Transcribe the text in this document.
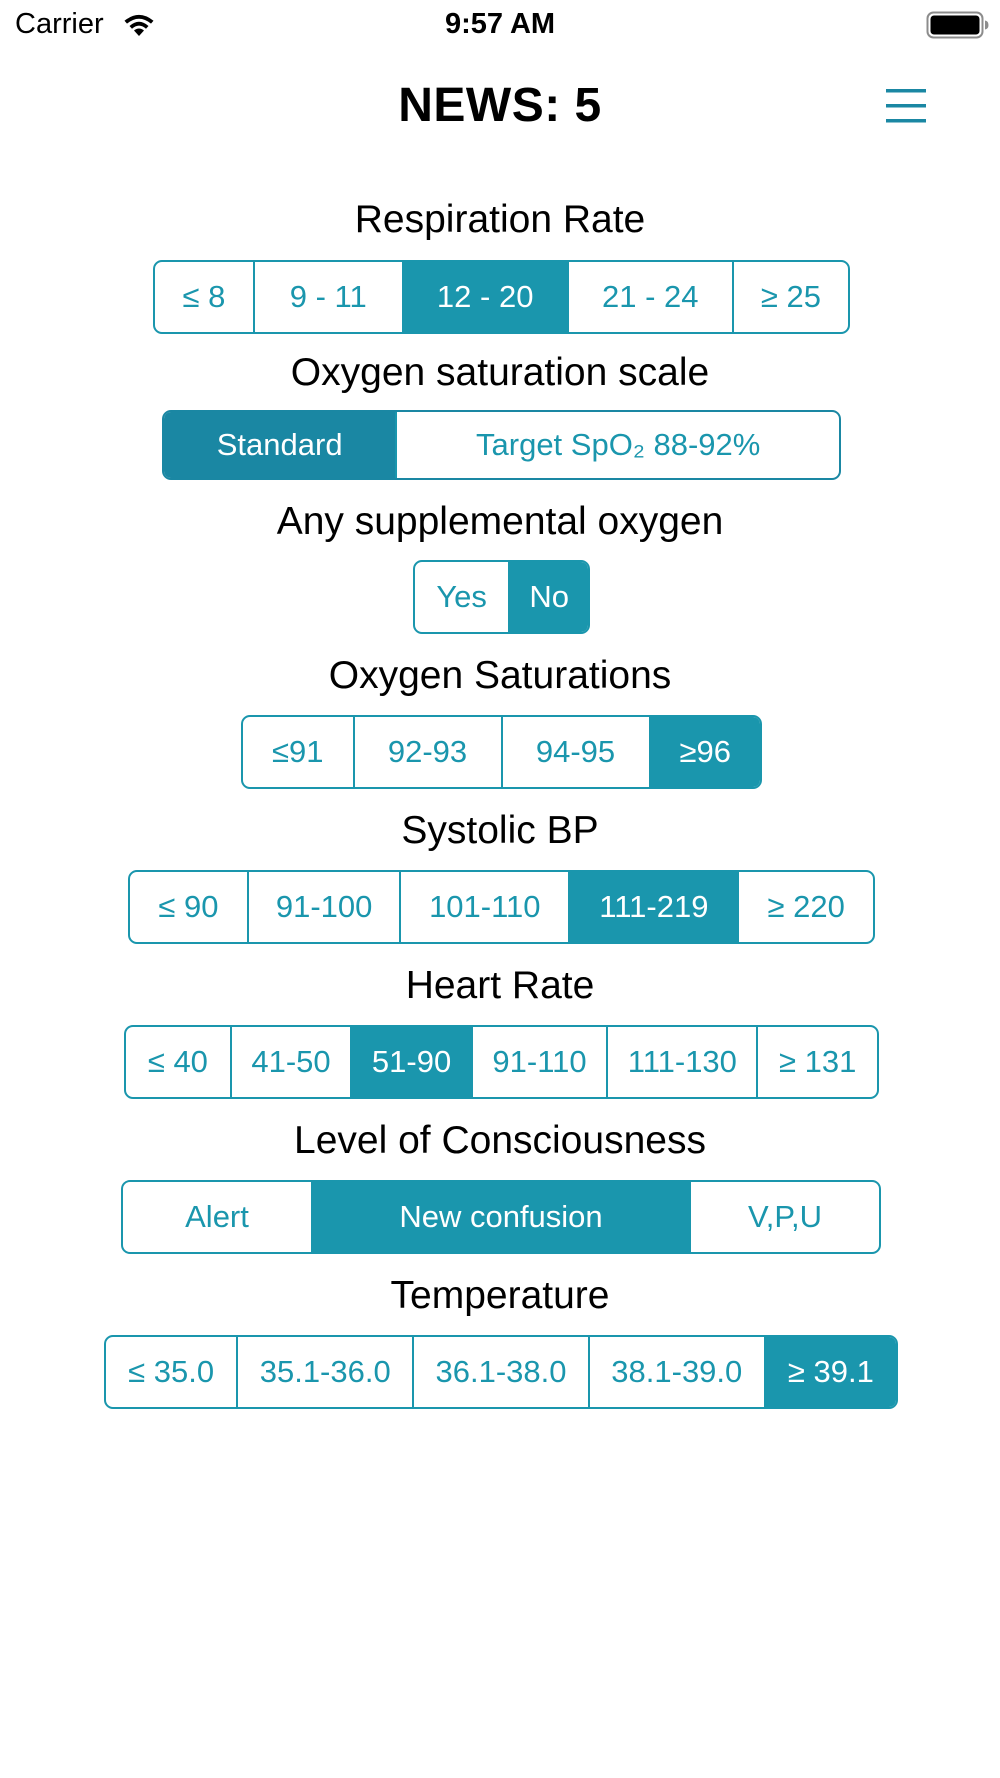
Carrier	9:57 AM
NEWS: 5
Respiration Rate
≤ 8	9 - 11	12 - 20	21 - 24	≥ 25
Oxygen saturation scale
Standard	Target SpO₂ 88-92%
Any supplemental oxygen
Yes	No
Oxygen Saturations
≤91	92-93	94-95	≥96
Systolic BP
≤ 90	91-100	101-110	111-219	≥ 220
Heart Rate
≤ 40	41-50	51-90	91-110	111-130	≥ 131
Level of Consciousness
Alert	New confusion	V,P,U
Temperature
≤ 35.0	35.1-36.0	36.1-38.0	38.1-39.0	≥ 39.1
